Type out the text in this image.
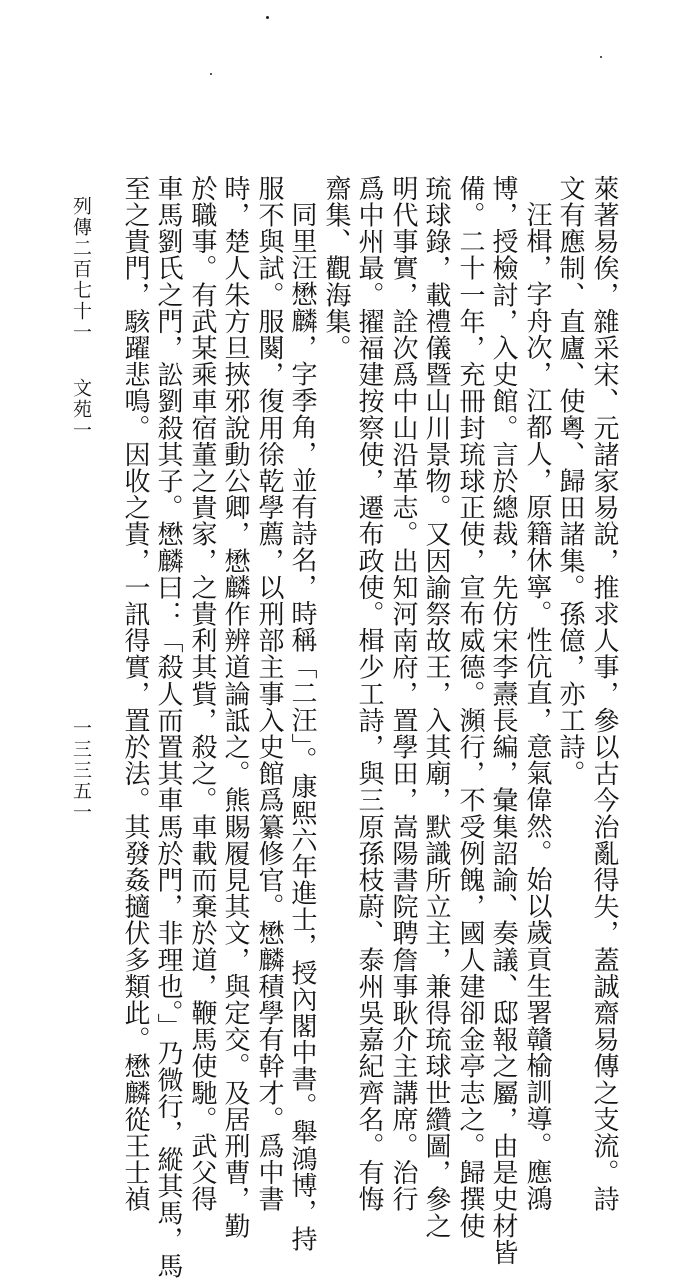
萊著易俟，雜采宋、元諸家易說，推求人事，參以古今治亂得失，蓋誠齋易傳之支流。詩
文有應制、直廬、使粵、歸田諸集。孫億，亦工詩。
汪楫，字舟次，江都人，原籍休寧。性伉直，意氣偉然。始以歲貢生署贛榆訓導。應鴻
博，授檢討，入史館。言於總裁，先仿宋李燾長編，彙集詔諭、奏議、邸報之屬，由是史材皆
備。二十一年，充冊封琉球正使，宣布威德。瀕行，不受例餽，國人建卻金亭志之。歸撰使
琉球錄，載禮儀暨山川景物。又因諭祭故王，入其廟，默識所立主，兼得琉球世纘圖，參之
明代事實，詮次爲中山沿革志。出知河南府，置學田，嵩陽書院聘詹事耿介主講席。治行
爲中州最。擢福建按察使，遷布政使。楫少工詩，與三原孫枝蔚、泰州吳嘉紀齊名。有悔
齋集、觀海集。
同里汪懋麟，字季角，並有詩名，時稱「二汪」。康熙六年進士，授內閣中書。舉鴻博，持
服不與試。服闋，復用徐乾學薦，以刑部主事入史館爲纂修官。懋麟積學有幹才。爲中書
時，楚人朱方旦挾邪說動公卿，懋麟作辨道論詆之。熊賜履見其文，與定交。及居刑曹，勤
於職事。有武某乘車宿董之貴家，之貴利其貲，殺之。車載而棄於道，鞭馬使馳。武父得
車馬劉氏之門，訟劉殺其子。懋麟曰：「殺人而置其車馬於門，非理也。」乃微行，縱其馬，馬
至之貴門，駭躍悲鳴。因收之貴，一訊得實，置於法。其發姦擿伏多類此。懋麟從王士禎
列傳二百七十一
文苑一
一三三五一
